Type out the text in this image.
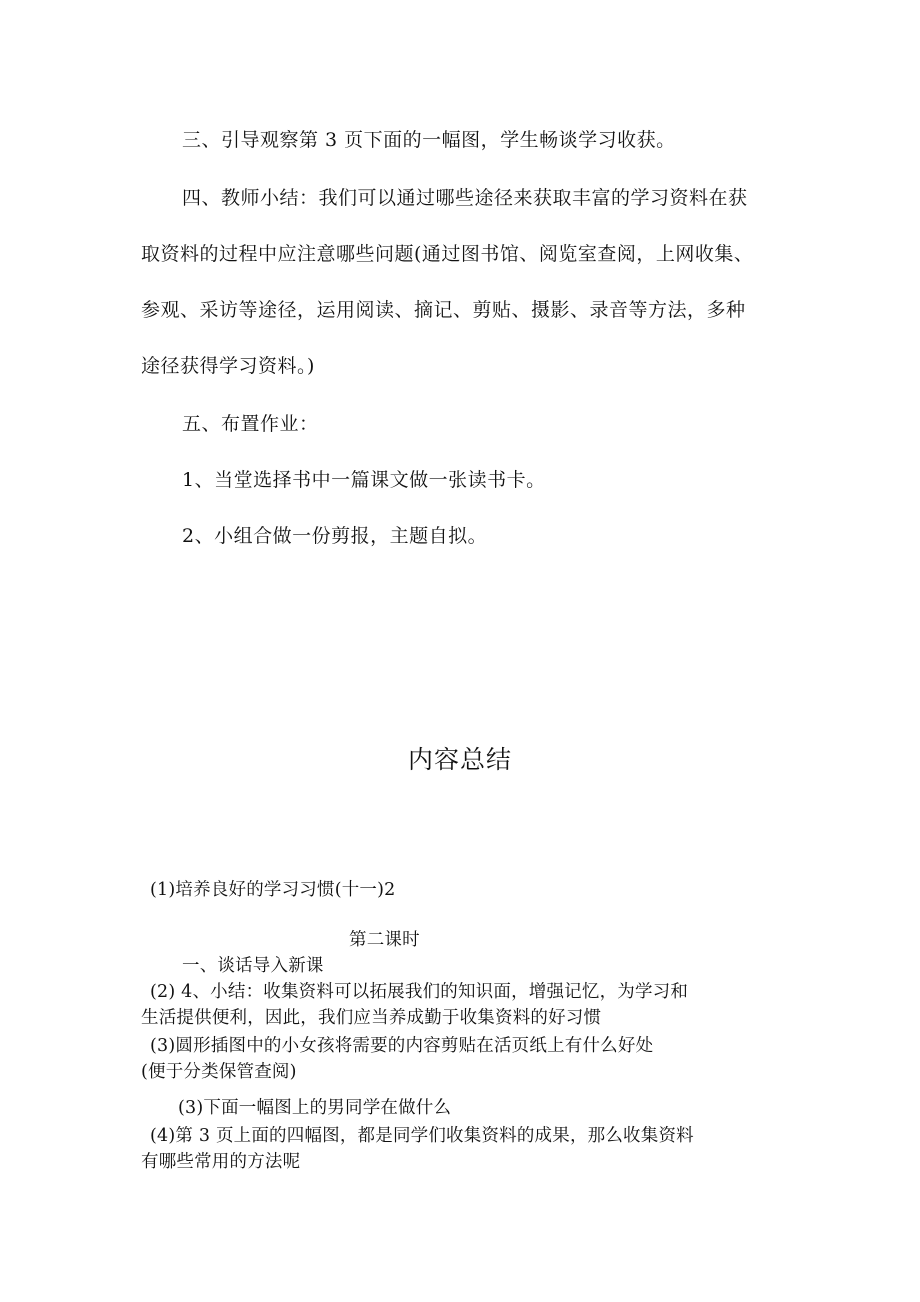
三、引导观察第 3 页下面的一幅图，学生畅谈学习收获。
四、教师小结：我们可以通过哪些途径来获取丰富的学习资料在获
取资料的过程中应注意哪些问题(通过图书馆、阅览室查阅，上网收集、
参观、采访等途径，运用阅读、摘记、剪贴、摄影、录音等方法，多种
途径获得学习资料。)
五、布置作业：
1、当堂选择书中一篇课文做一张读书卡。
2、小组合做一份剪报，主题自拟。
内容总结
(1)培养良好的学习习惯(十一)2
第二课时
一、谈话导入新课
(2) 4、小结：收集资料可以拓展我们的知识面，增强记忆，为学习和
生活提供便利，因此，我们应当养成勤于收集资料的好习惯
(3)圆形插图中的小女孩将需要的内容剪贴在活页纸上有什么好处
(便于分类保管查阅)
(3)下面一幅图上的男同学在做什么
(4)第 3 页上面的四幅图，都是同学们收集资料的成果，那么收集资料
有哪些常用的方法呢
